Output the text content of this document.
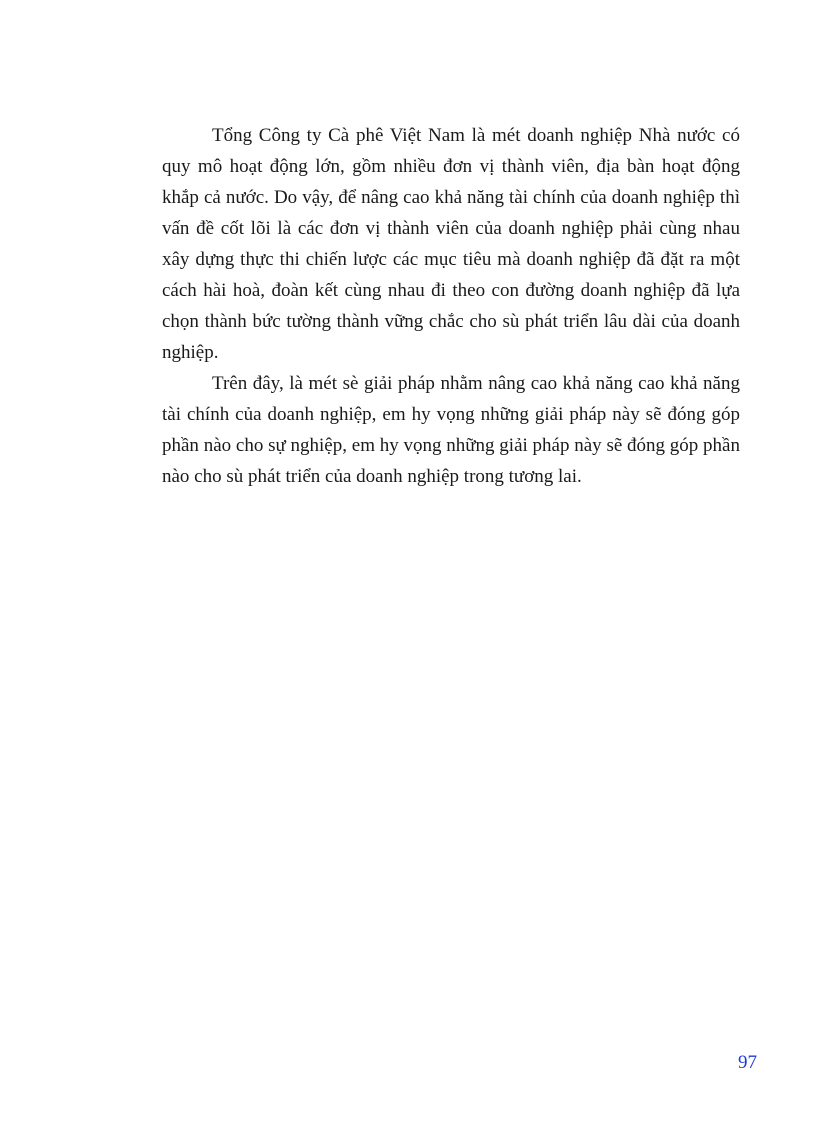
Tổng Công ty Cà phê Việt Nam là mét doanh nghiệp Nhà nước có quy mô hoạt động lớn, gồm nhiều đơn vị thành viên, địa bàn hoạt động khắp cả nước. Do vậy, để nâng cao khả năng tài chính của doanh nghiệp thì vấn đề cốt lõi là các đơn vị thành viên của doanh nghiệp phải cùng nhau xây dựng thực thi chiến lược các mục tiêu mà doanh nghiệp đã đặt ra một cách hài hoà, đoàn kết cùng nhau đi theo con đường doanh nghiệp đã lựa chọn thành bức tường thành vững chắc cho sù phát triển lâu dài của doanh nghiệp.

Trên đây, là mét sè giải pháp nhằm nâng cao khả năng cao khả năng tài chính của doanh nghiệp, em hy vọng những giải pháp này sẽ đóng góp phần nào cho sự nghiệp, em hy vọng những giải pháp này sẽ đóng góp phần nào cho sù phát triển của doanh nghiệp trong tương lai.

97
